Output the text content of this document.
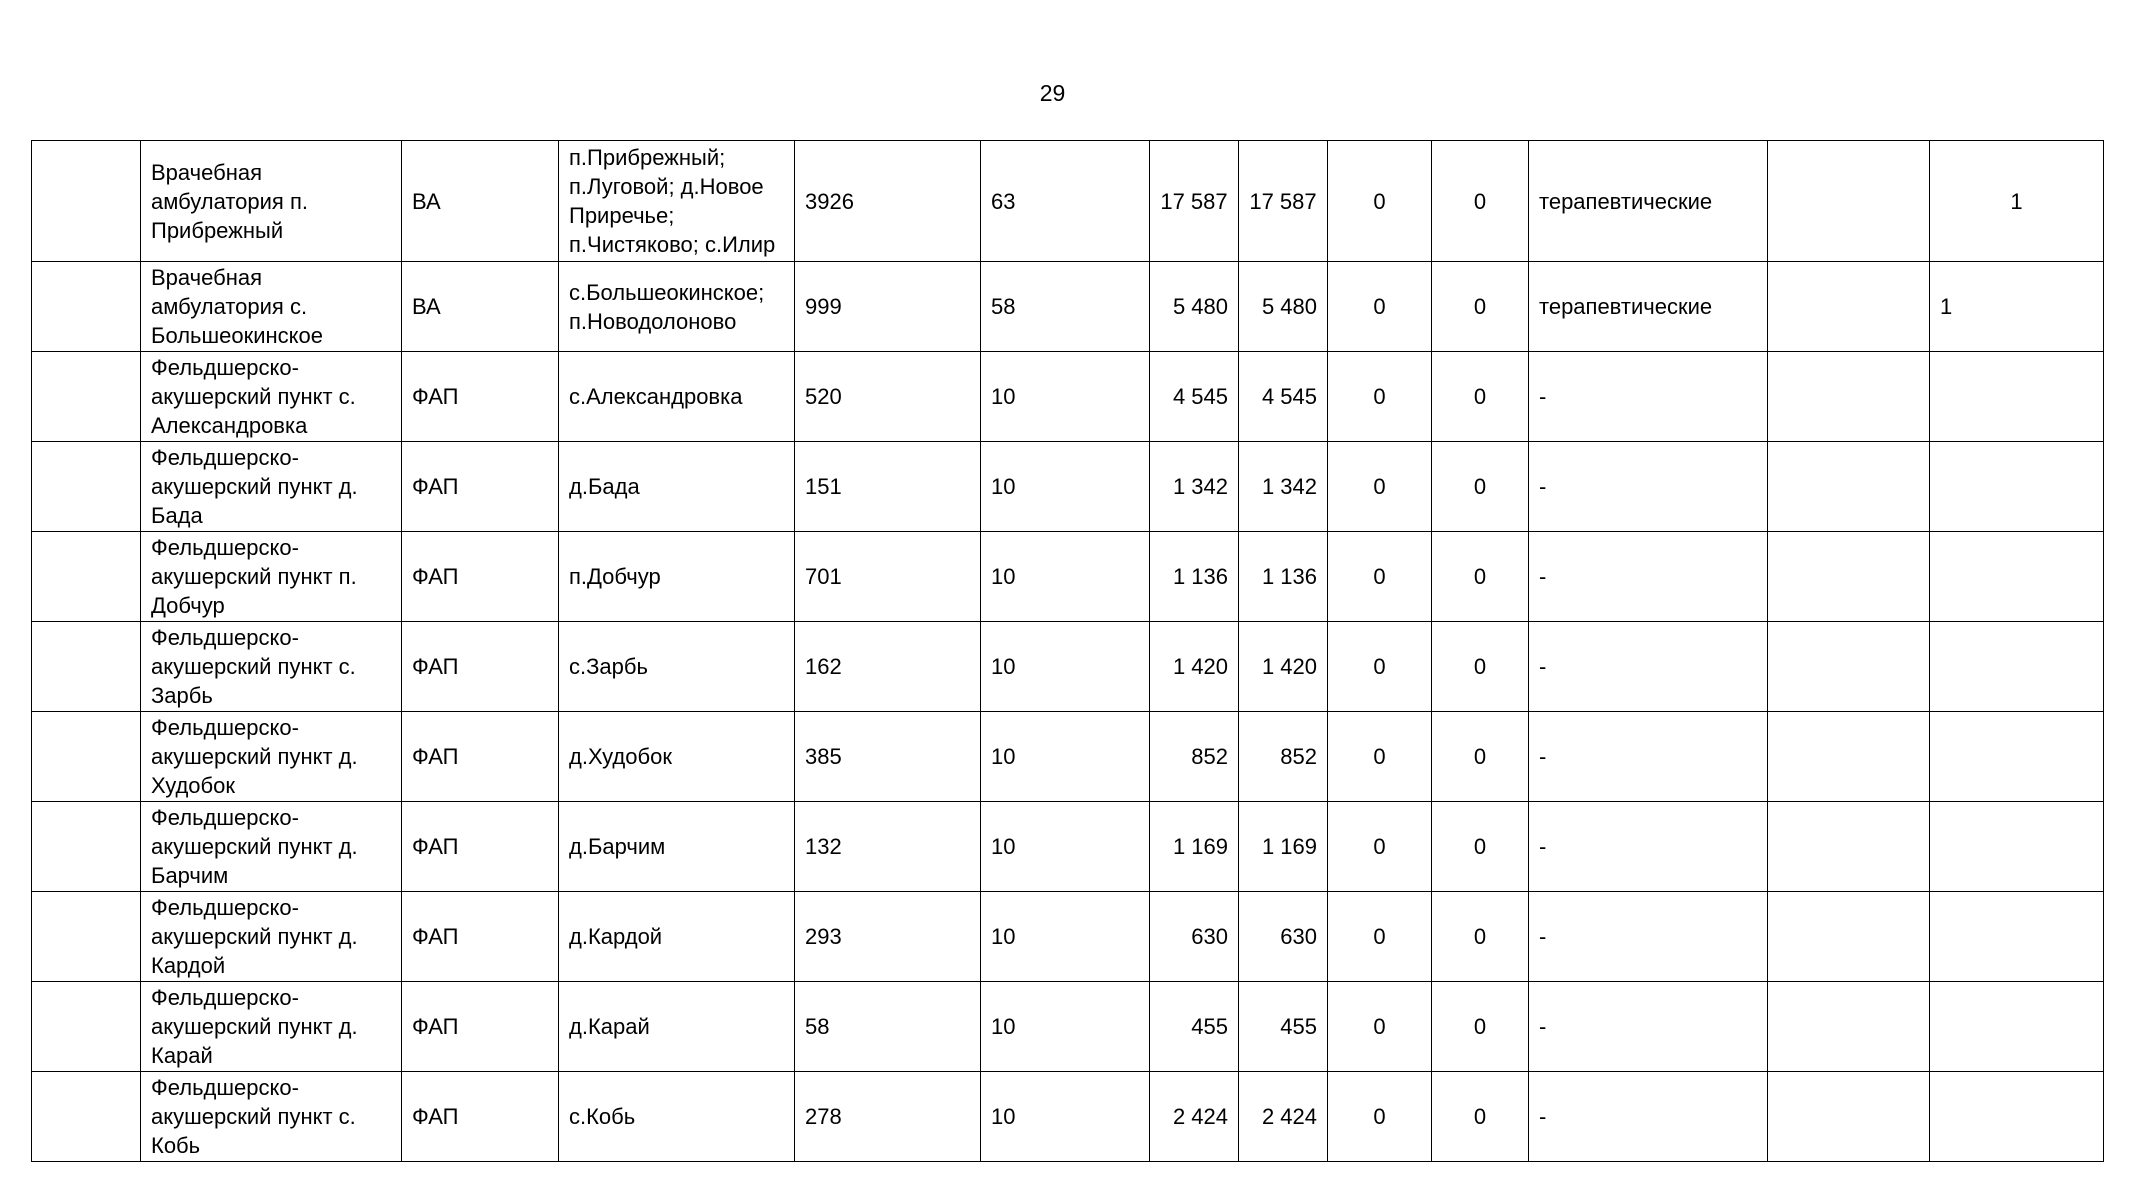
29
	Врачебная амбулатория п. Прибрежный	ВА	п.Прибрежный; п.Луговой; д.Новое Приречье; п.Чистяково; с.Илир	3926	63	17 587	17 587	0	0	терапевтические		1
	Врачебная амбулатория с. Большеокинское	ВА	с.Большеокинское; п.Новодолоново	999	58	5 480	5 480	0	0	терапевтические		1
	Фельдшерско-акушерский пункт с. Александровка	ФАП	с.Александровка	520	10	4 545	4 545	0	0	-		
	Фельдшерско-акушерский пункт д. Бада	ФАП	д.Бада	151	10	1 342	1 342	0	0	-		
	Фельдшерско-акушерский пункт п. Добчур	ФАП	п.Добчур	701	10	1 136	1 136	0	0	-		
	Фельдшерско-акушерский пункт с. Зарбь	ФАП	с.Зарбь	162	10	1 420	1 420	0	0	-		
	Фельдшерско-акушерский пункт д. Худобок	ФАП	д.Худобок	385	10	852	852	0	0	-		
	Фельдшерско-акушерский пункт д. Барчим	ФАП	д.Барчим	132	10	1 169	1 169	0	0	-		
	Фельдшерско-акушерский пункт д. Кардой	ФАП	д.Кардой	293	10	630	630	0	0	-		
	Фельдшерско-акушерский пункт д. Карай	ФАП	д.Карай	58	10	455	455	0	0	-		
	Фельдшерско-акушерский пункт с. Кобь	ФАП	с.Кобь	278	10	2 424	2 424	0	0	-		
